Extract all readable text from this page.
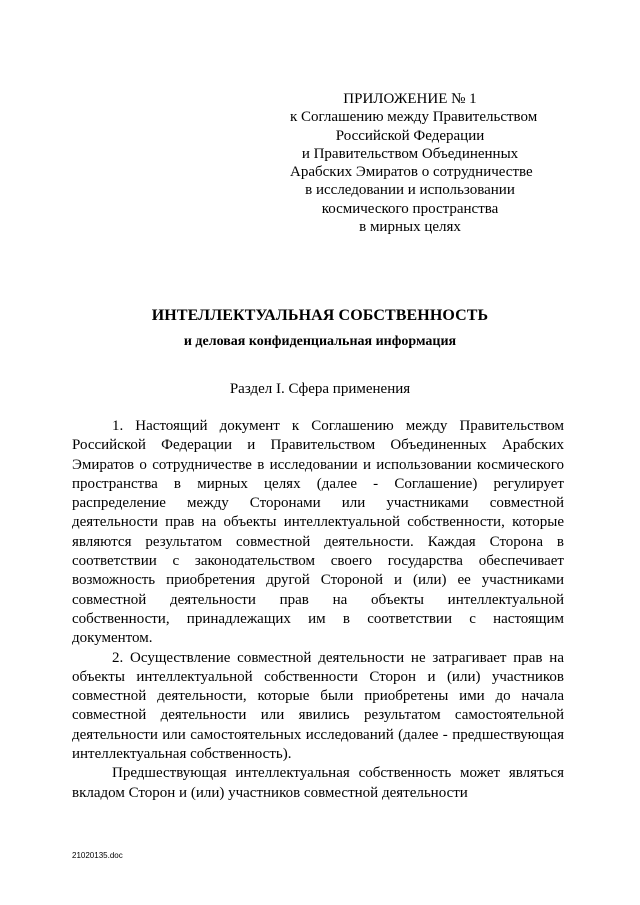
ПРИЛОЖЕНИЕ № 1
к Соглашению между Правительством
Российской Федерации
и Правительством Объединенных
Арабских Эмиратов о сотрудничестве
в исследовании и использовании
космического пространства
в мирных целях
ИНТЕЛЛЕКТУАЛЬНАЯ СОБСТВЕННОСТЬ
и деловая конфиденциальная информация
Раздел I. Сфера применения

1. Настоящий документ к Соглашению между Правительством Российской Федерации и Правительством Объединенных Арабских Эмиратов о сотрудничестве в исследовании и использовании космического пространства в мирных целях (далее - Соглашение) регулирует распределение между Сторонами или участниками совместной деятельности прав на объекты интеллектуальной собственности, которые являются результатом совместной деятельности. Каждая Сторона в соответствии с законодательством своего государства обеспечивает возможность приобретения другой Стороной и (или) ее участниками совместной деятельности прав на объекты интеллектуальной собственности, принадлежащих им в соответствии с настоящим документом.

2. Осуществление совместной деятельности не затрагивает прав на объекты интеллектуальной собственности Сторон и (или) участников совместной деятельности, которые были приобретены ими до начала совместной деятельности или явились результатом самостоятельной деятельности или самостоятельных исследований (далее - предшествующая интеллектуальная собственность).

Предшествующая интеллектуальная собственность может являться вкладом Сторон и (или) участников совместной деятельности

21020135.doc
